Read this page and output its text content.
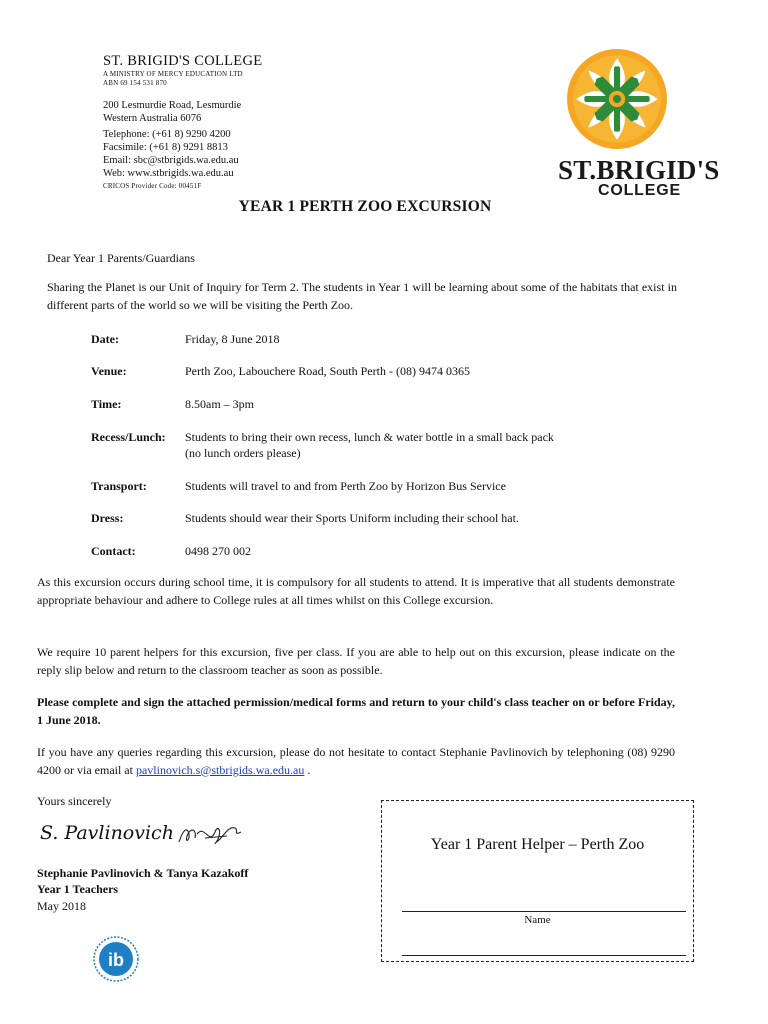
ST. BRIGID'S COLLEGE
A MINISTRY OF MERCY EDUCATION LTD
ABN 69 154 531 870
200 Lesmurdie Road, Lesmurdie
Western Australia 6076
Telephone: (+61 8) 9290 4200
Facsimile: (+61 8) 9291 8813
Email: sbc@stbrigids.wa.edu.au
Web: www.stbrigids.wa.edu.au
CRICOS Provider Code: 00451F
ST.BRIGID'S
COLLEGE
YEAR 1 PERTH ZOO EXCURSION
Dear Year 1 Parents/Guardians
Sharing the Planet is our Unit of Inquiry for Term 2. The students in Year 1 will be learning about some of the habitats that exist in different parts of the world so we will be visiting the Perth Zoo.
Date:	Friday, 8 June 2018
Venue:	Perth Zoo, Labouchere Road, South Perth - (08) 9474 0365
Time:	8.50am – 3pm
Recess/Lunch: Students to bring their own recess, lunch & water bottle in a small back pack
(no lunch orders please)
Transport:	Students will travel to and from Perth Zoo by Horizon Bus Service
Dress:	Students should wear their Sports Uniform including their school hat.
Contact:	0498 270 002
As this excursion occurs during school time, it is compulsory for all students to attend. It is imperative that all students demonstrate appropriate behaviour and adhere to College rules at all times whilst on this College excursion.
We require 10 parent helpers for this excursion, five per class. If you are able to help out on this excursion, please indicate on the reply slip below and return to the classroom teacher as soon as possible.
Please complete and sign the attached permission/medical forms and return to your child's class teacher on or before Friday, 1 June 2018.
If you have any queries regarding this excursion, please do not hesitate to contact Stephanie Pavlinovich by telephoning (08) 9290 4200 or via email at pavlinovich.s@stbrigids.wa.edu.au .
Yours sincerely
S. Pavlinovich
Stephanie Pavlinovich & Tanya Kazakoff
Year 1 Teachers
May 2018
ib
Year 1 Parent Helper – Perth Zoo
Name
